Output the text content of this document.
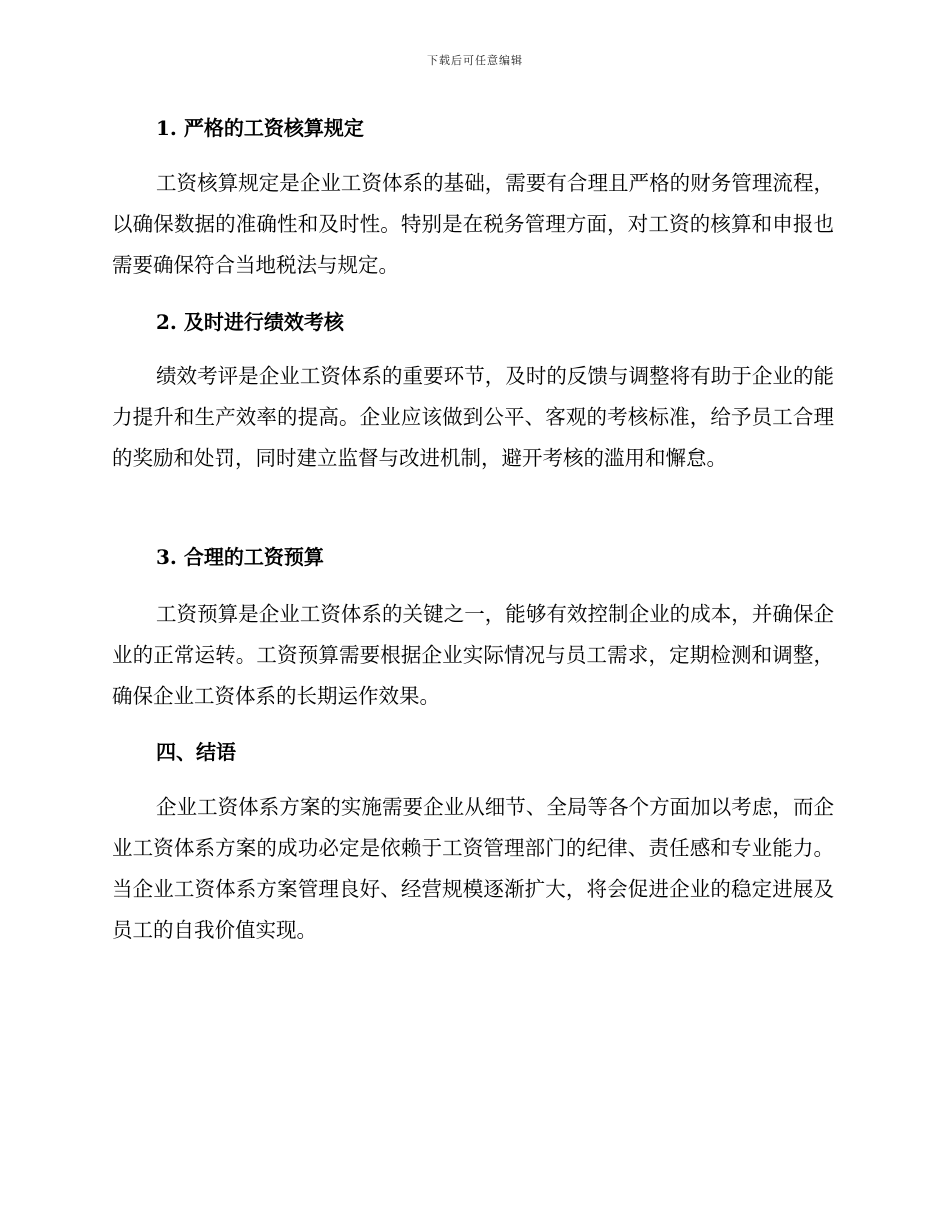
下载后可任意编辑
1. 严格的工资核算规定

工资核算规定是企业工资体系的基础，需要有合理且严格的财务管理流程，以确保数据的准确性和及时性。特别是在税务管理方面，对工资的核算和申报也需要确保符合当地税法与规定。

2. 及时进行绩效考核

绩效考评是企业工资体系的重要环节，及时的反馈与调整将有助于企业的能力提升和生产效率的提高。企业应该做到公平、客观的考核标准，给予员工合理的奖励和处罚，同时建立监督与改进机制，避开考核的滥用和懈怠。

3. 合理的工资预算

工资预算是企业工资体系的关键之一，能够有效控制企业的成本，并确保企业的正常运转。工资预算需要根据企业实际情况与员工需求，定期检测和调整，确保企业工资体系的长期运作效果。

四、结语

企业工资体系方案的实施需要企业从细节、全局等各个方面加以考虑，而企业工资体系方案的成功必定是依赖于工资管理部门的纪律、责任感和专业能力。当企业工资体系方案管理良好、经营规模逐渐扩大，将会促进企业的稳定进展及员工的自我价值实现。
